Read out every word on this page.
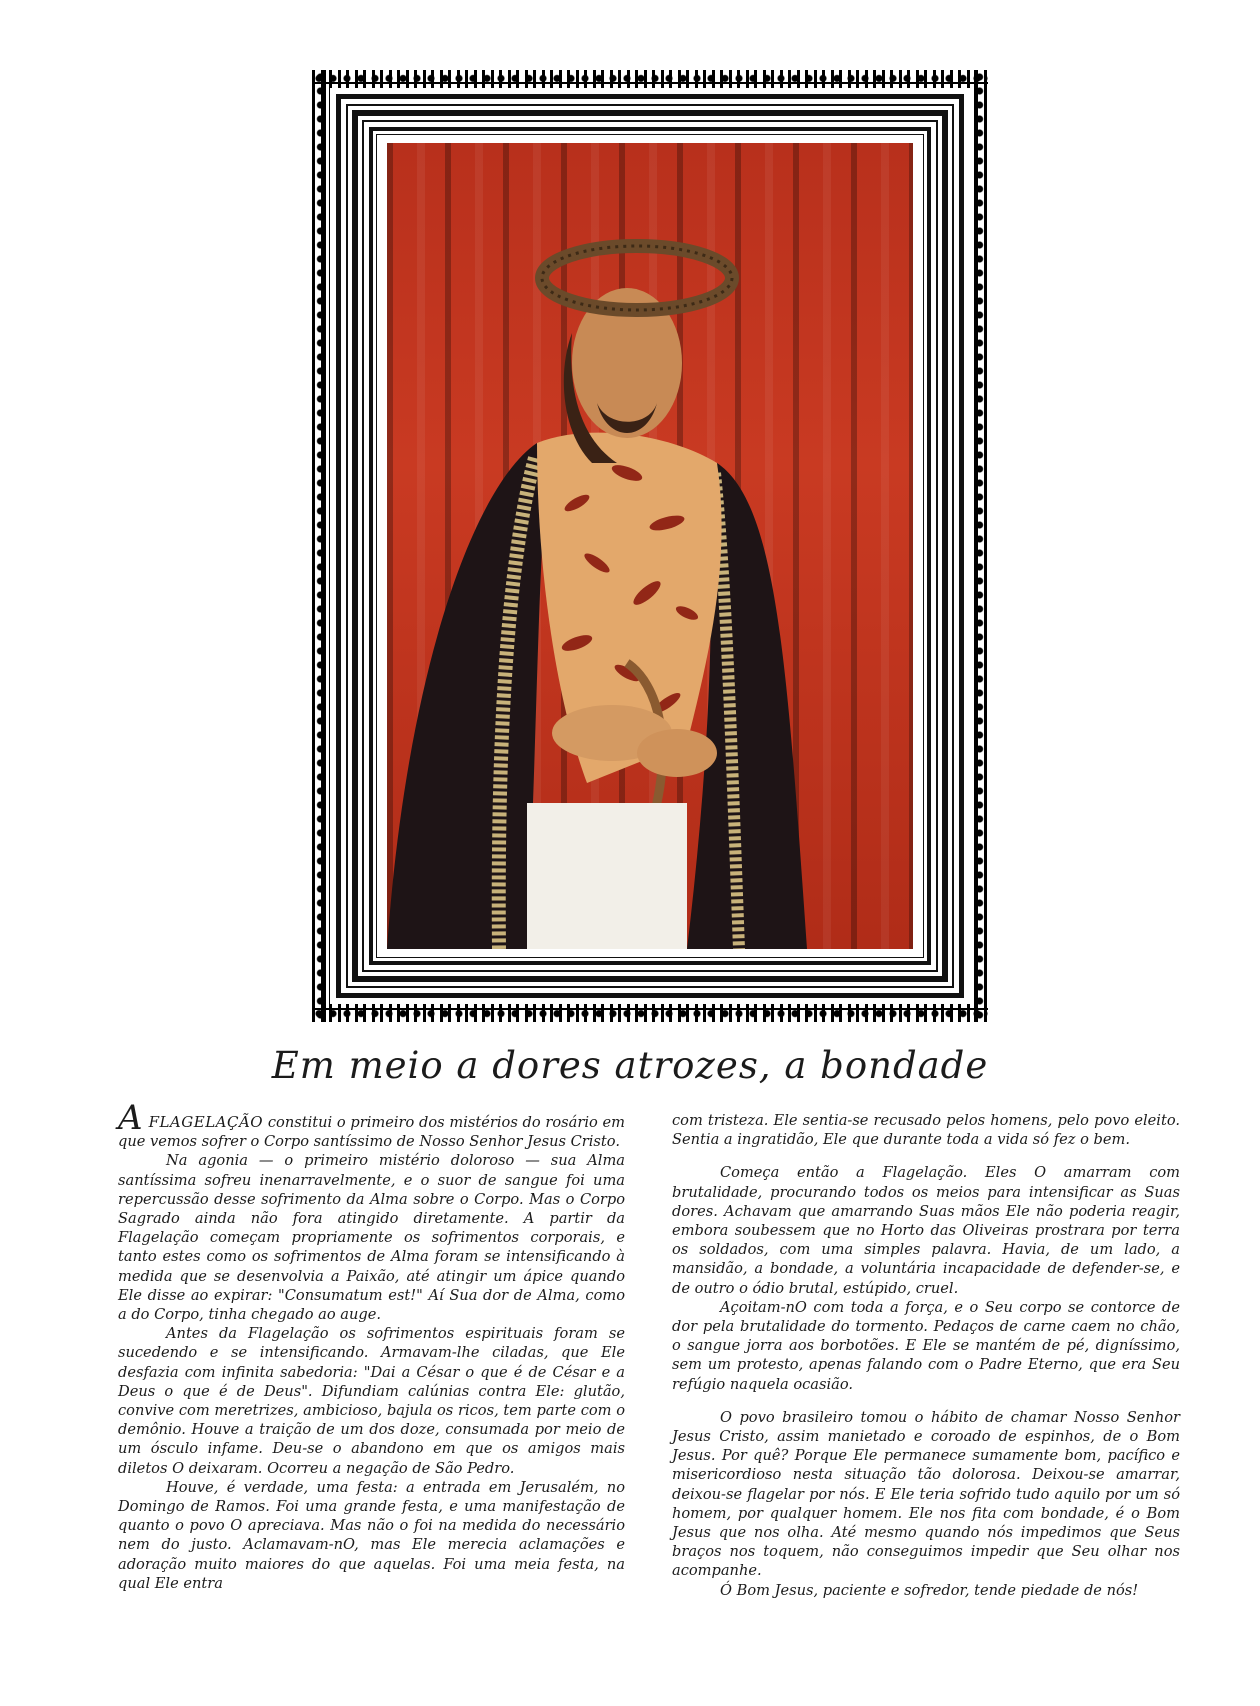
Em meio a dores atrozes, a bondade

AFLAGELAÇÃO constitui o primeiro dos mistérios do rosário em que vemos sofrer o Corpo santíssimo de Nosso Senhor Jesus Cristo.

Na agonia — o primeiro mistério doloroso — sua Alma santíssima sofreu inenarravelmente, e o suor de sangue foi uma repercussão desse sofrimento da Alma sobre o Corpo. Mas o Corpo Sagrado ainda não fora atingido diretamente. A partir da Flagelação começam propriamente os sofrimentos corporais, e tanto estes como os sofrimentos de Alma foram se intensificando à medida que se desenvolvia a Paixão, até atingir um ápice quando Ele disse ao expirar: "Consumatum est!" Aí Sua dor de Alma, como a do Corpo, tinha chegado ao auge.

Antes da Flagelação os sofrimentos espirituais foram se sucedendo e se intensificando. Armavam-lhe ciladas, que Ele desfazia com infinita sabedoria: "Dai a César o que é de César e a Deus o que é de Deus". Difundiam calúnias contra Ele: glutão, convive com meretrizes, ambicioso, bajula os ricos, tem parte com o demônio. Houve a traição de um dos doze, consumada por meio de um ósculo infame. Deu-se o abandono em que os amigos mais diletos O deixaram. Ocorreu a negação de São Pedro.

Houve, é verdade, uma festa: a entrada em Jerusalém, no Domingo de Ramos. Foi uma grande festa, e uma manifestação de quanto o povo O apreciava. Mas não o foi na medida do necessário nem do justo. Aclamavam-nO, mas Ele merecia aclamações e adoração muito maiores do que aquelas. Foi uma meia festa, na qual Ele entra

com tristeza. Ele sentia-se recusado pelos homens, pelo povo eleito. Sentia a ingratidão, Ele que durante toda a vida só fez o bem.

Começa então a Flagelação. Eles O amarram com brutalidade, procurando todos os meios para intensificar as Suas dores. Achavam que amarrando Suas mãos Ele não poderia reagir, embora soubessem que no Horto das Oliveiras prostrara por terra os soldados, com uma simples palavra. Havia, de um lado, a mansidão, a bondade, a voluntária incapacidade de defender-se, e de outro o ódio brutal, estúpido, cruel.

Açoitam-nO com toda a força, e o Seu corpo se contorce de dor pela brutalidade do tormento. Pedaços de carne caem no chão, o sangue jorra aos borbotões. E Ele se mantém de pé, digníssimo, sem um protesto, apenas falando com o Padre Eterno, que era Seu refúgio naquela ocasião.

O povo brasileiro tomou o hábito de chamar Nosso Senhor Jesus Cristo, assim manietado e coroado de espinhos, de o Bom Jesus. Por quê? Porque Ele permanece sumamente bom, pacífico e misericordioso nesta situação tão dolorosa. Deixou-se amarrar, deixou-se flagelar por nós. E Ele teria sofrido tudo aquilo por um só homem, por qualquer homem. Ele nos fita com bondade, é o Bom Jesus que nos olha. Até mesmo quando nós impedimos que Seus braços nos toquem, não conseguimos impedir que Seu olhar nos acompanhe.

Ó Bom Jesus, paciente e sofredor, tende piedade de nós!
